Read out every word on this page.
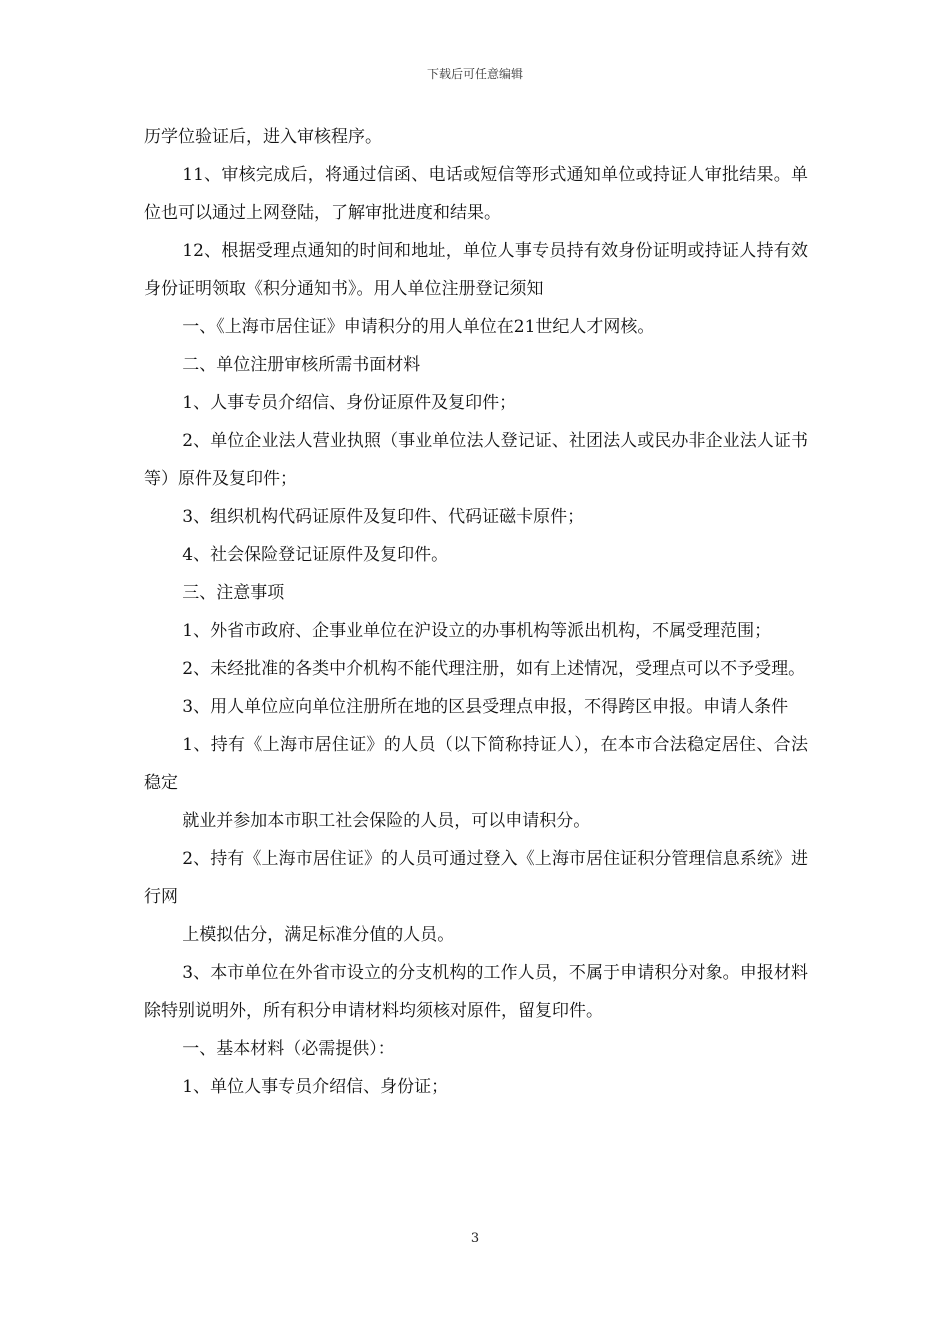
下载后可任意编辑

历学位验证后，进入审核程序。

11、审核完成后，将通过信函、电话或短信等形式通知单位或持证人审批结果。单位也可以通过上网登陆，了解审批进度和结果。

12、根据受理点通知的时间和地址，单位人事专员持有效身份证明或持证人持有效身份证明领取《积分通知书》。用人单位注册登记须知

一、《上海市居住证》申请积分的用人单位在21世纪人才网核。

二、单位注册审核所需书面材料

1、人事专员介绍信、身份证原件及复印件；

2、单位企业法人营业执照（事业单位法人登记证、社团法人或民办非企业法人证书等）原件及复印件；

3、组织机构代码证原件及复印件、代码证磁卡原件；

4、社会保险登记证原件及复印件。

三、注意事项

1、外省市政府、企事业单位在沪设立的办事机构等派出机构，不属受理范围；

2、未经批准的各类中介机构不能代理注册，如有上述情况，受理点可以不予受理。

3、用人单位应向单位注册所在地的区县受理点申报，不得跨区申报。申请人条件

1、持有《上海市居住证》的人员（以下简称持证人），在本市合法稳定居住、合法稳定

就业并参加本市职工社会保险的人员，可以申请积分。

2、持有《上海市居住证》的人员可通过登入《上海市居住证积分管理信息系统》进行网

上模拟估分，满足标准分值的人员。

3、本市单位在外省市设立的分支机构的工作人员，不属于申请积分对象。申报材料除特别说明外，所有积分申请材料均须核对原件，留复印件。

一、基本材料（必需提供）：

1、单位人事专员介绍信、身份证；

3
